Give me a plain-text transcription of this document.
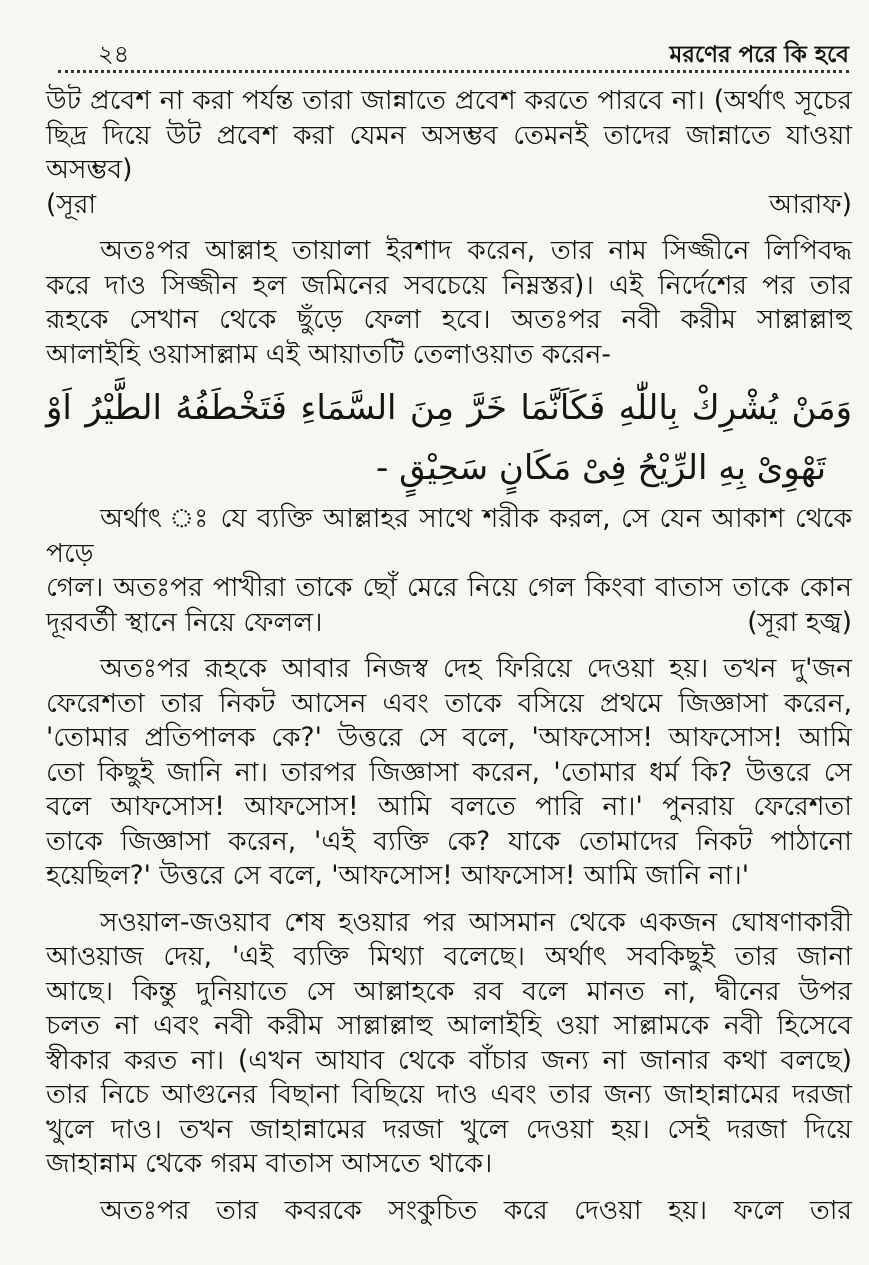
২৪	মরণের পরে কি হবে

উট প্রবেশ না করা পর্যন্ত তারা জান্নাতে প্রবেশ করতে পারবে না। (অর্থাৎ সূচের

ছিদ্র দিয়ে উট প্রবেশ করা যেমন অসম্ভব তেমনই তাদের জান্নাতে যাওয়া অসম্ভব)

(সূরা আরাফ)

অতঃপর আল্লাহ তায়ালা ইরশাদ করেন, তার নাম সিজ্জীনে লিপিবদ্ধ

করে দাও সিজ্জীন হল জমিনের সবচেয়ে নিম্নস্তর)। এই নির্দেশের পর তার

রূহকে সেখান থেকে ছুঁড়ে ফেলা হবে। অতঃপর নবী করীম সাল্লাল্লাহু

আলাইহি ওয়াসাল্লাম এই আয়াতটি তেলাওয়াত করেন-

وَمَنْ يُشْرِكْ بِاللّٰهِ فَكَاَنَّمَا خَرَّ مِنَ السَّمَاءِ فَتَخْطَفُهُ الطَّيْرُ اَوْ

تَهْوِىْ بِهِ الرِّيْحُ فِىْ مَكَانٍ سَحِيْقٍ -

অর্থাৎ ঃ যে ব্যক্তি আল্লাহর সাথে শরীক করল, সে যেন আকাশ থেকে পড়ে

গেল। অতঃপর পাখীরা তাকে ছোঁ মেরে নিয়ে গেল কিংবা বাতাস তাকে কোন

দূরবর্তী স্থানে নিয়ে ফেলল।	(সূরা হজ্ব)

অতঃপর রূহকে আবার নিজস্ব দেহ ফিরিয়ে দেওয়া হয়। তখন দু'জন

ফেরেশতা তার নিকট আসেন এবং তাকে বসিয়ে প্রথমে জিজ্ঞাসা করেন,

'তোমার প্রতিপালক কে?' উত্তরে সে বলে, 'আফসোস! আফসোস! আমি

তো কিছুই জানি না। তারপর জিজ্ঞাসা করেন, 'তোমার ধর্ম কি? উত্তরে সে

বলে আফসোস! আফসোস! আমি বলতে পারি না।' পুনরায় ফেরেশতা

তাকে জিজ্ঞাসা করেন, 'এই ব্যক্তি কে? যাকে তোমাদের নিকট পাঠানো

হয়েছিল?' উত্তরে সে বলে, 'আফসোস! আফসোস! আমি জানি না।'

সওয়াল-জওয়াব শেষ হওয়ার পর আসমান থেকে একজন ঘোষণাকারী

আওয়াজ দেয়, 'এই ব্যক্তি মিথ্যা বলেছে। অর্থাৎ সবকিছুই তার জানা

আছে। কিন্তু দুনিয়াতে সে আল্লাহকে রব বলে মানত না, দ্বীনের উপর

চলত না এবং নবী করীম সাল্লাল্লাহু আলাইহি ওয়া সাল্লামকে নবী হিসেবে

স্বীকার করত না। (এখন আযাব থেকে বাঁচার জন্য না জানার কথা বলছে)

তার নিচে আগুনের বিছানা বিছিয়ে দাও এবং তার জন্য জাহান্নামের দরজা

খুলে দাও। তখন জাহান্নামের দরজা খুলে দেওয়া হয়। সেই দরজা দিয়ে

জাহান্নাম থেকে গরম বাতাস আসতে থাকে।

অতঃপর তার কবরকে সংকুচিত করে দেওয়া হয়। ফলে তার
